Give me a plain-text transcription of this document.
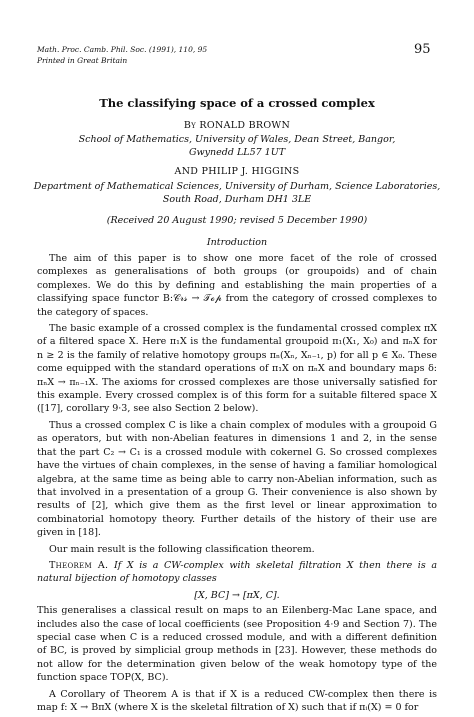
Math. Proc. Camb. Phil. Soc. (1991), 110, 95
Printed in Great Britain
95
The classifying space of a crossed complex
By RONALD BROWN
School of Mathematics, University of Wales, Dean Street, Bangor,
Gwynedd LL57 1UT
AND PHILIP J. HIGGINS
Department of Mathematical Sciences, University of Durham, Science Laboratories,
South Road, Durham DH1 3LE
(Received 20 August 1990; revised 5 December 1990)
Introduction

The aim of this paper is to show one more facet of the role of crossed complexes as generalisations of both groups (or groupoids) and of chain complexes. We do this by defining and establishing the main properties of a classifying space functor B:𝒞𝓇𝓈 → 𝒯ℴ𝓅 from the category of crossed complexes to the category of spaces.

The basic example of a crossed complex is the fundamental crossed complex πX of a filtered space X. Here π₁X is the fundamental groupoid π₁(X₁, X₀) and πₙX for n ≥ 2 is the family of relative homotopy groups πₙ(Xₙ, Xₙ₋₁, p) for all p ∈ X₀. These come equipped with the standard operations of π₁X on πₙX and boundary maps δ: πₙX → πₙ₋₁X. The axioms for crossed complexes are those universally satisfied for this example. Every crossed complex is of this form for a suitable filtered space X ([17], corollary 9·3, see also Section 2 below).

Thus a crossed complex C is like a chain complex of modules with a groupoid G as operators, but with non-Abelian features in dimensions 1 and 2, in the sense that the part C₂ → C₁ is a crossed module with cokernel G. So crossed complexes have the virtues of chain complexes, in the sense of having a familiar homological algebra, at the same time as being able to carry non-Abelian information, such as that involved in a presentation of a group G. Their convenience is also shown by results of [2], which give them as the first level or linear approximation to combinatorial homotopy theory. Further details of the history of their use are given in [18].

Our main result is the following classification theorem.

Theorem A. If X is a CW-complex with skeletal filtration X then there is a natural bijection of homotopy classes

[X, BC] → [πX, C].

This generalises a classical result on maps to an Eilenberg-Mac Lane space, and includes also the case of local coefficients (see Proposition 4·9 and Section 7). The special case when C is a reduced crossed module, and with a different definition of BC, is proved by simplicial group methods in [23]. However, these methods do not allow for the determination given below of the weak homotopy type of the function space TOP(X, BC).

A Corollary of Theorem A is that if X is a reduced CW-complex then there is map f: X → BπX (where X is the skeletal filtration of X) such that if πᵢ(X) = 0 for
